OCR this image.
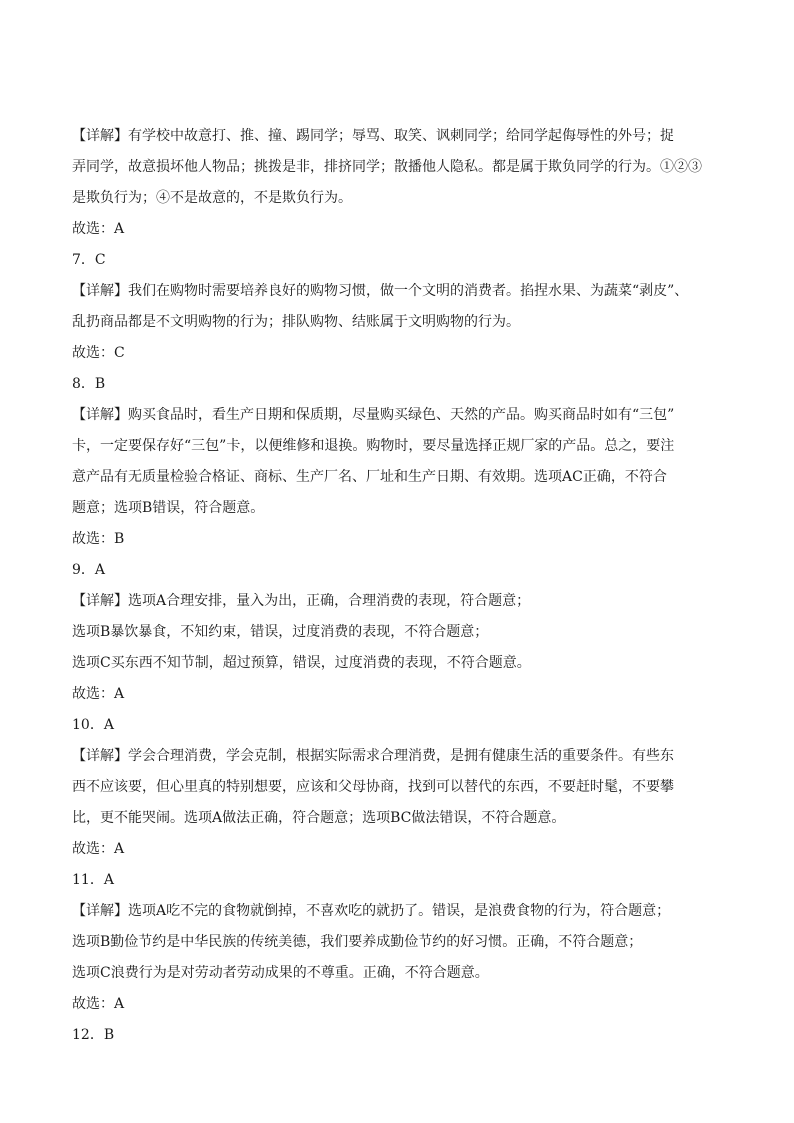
【详解】有学校中故意打、推、撞、踢同学；辱骂、取笑、讽刺同学；给同学起侮辱性的外号；捉
弄同学，故意损坏他人物品；挑拨是非，排挤同学；散播他人隐私。都是属于欺负同学的行为。①②③
是欺负行为；④不是故意的，不是欺负行为。
故选：A
7．C
【详解】我们在购物时需要培养良好的购物习惯，做一个文明的消费者。掐捏水果、为蔬菜“剥皮”、
乱扔商品都是不文明购物的行为；排队购物、结账属于文明购物的行为。
故选：C
8．B
【详解】购买食品时，看生产日期和保质期，尽量购买绿色、天然的产品。购买商品时如有“三包”
卡，一定要保存好“三包”卡，以便维修和退换。购物时，要尽量选择正规厂家的产品。总之，要注
意产品有无质量检验合格证、商标、生产厂名、厂址和生产日期、有效期。选项AC正确，不符合
题意；选项B错误，符合题意。
故选：B
9．A
【详解】选项A合理安排，量入为出，正确，合理消费的表现，符合题意；
选项B暴饮暴食，不知约束，错误，过度消费的表现，不符合题意；
选项C买东西不知节制，超过预算，错误，过度消费的表现，不符合题意。
故选：A
10．A
【详解】学会合理消费，学会克制，根据实际需求合理消费，是拥有健康生活的重要条件。有些东
西不应该要，但心里真的特别想要，应该和父母协商，找到可以替代的东西，不要赶时髦，不要攀
比，更不能哭闹。选项A做法正确，符合题意；选项BC做法错误，不符合题意。
故选：A
11．A
【详解】选项A吃不完的食物就倒掉，不喜欢吃的就扔了。错误，是浪费食物的行为，符合题意；
选项B勤俭节约是中华民族的传统美德，我们要养成勤俭节约的好习惯。正确，不符合题意；
选项C浪费行为是对劳动者劳动成果的不尊重。正确，不符合题意。
故选：A
12．B
